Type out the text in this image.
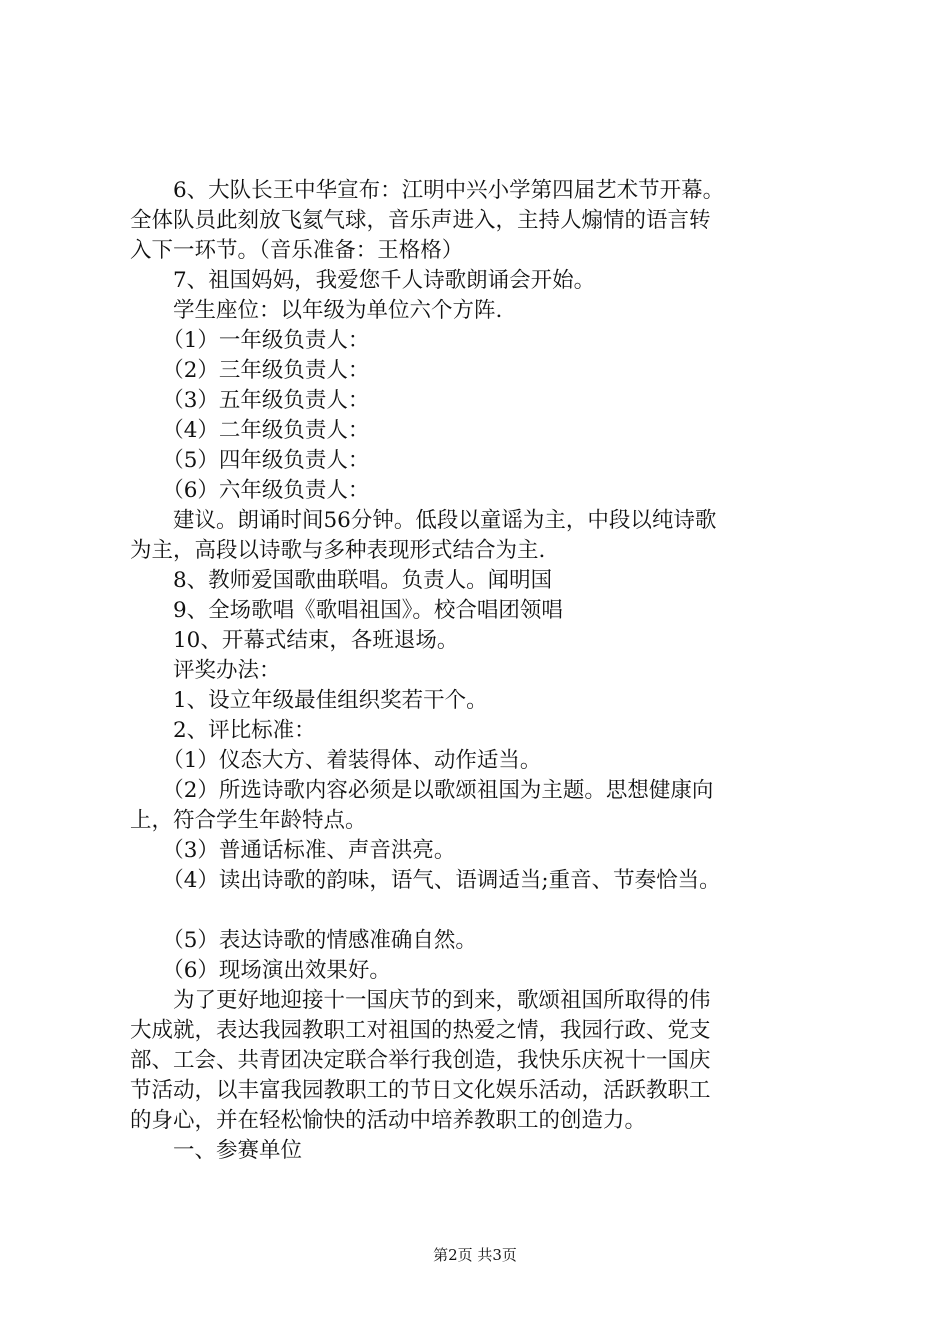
　　6、大队长王中华宣布：江明中兴小学第四届艺术节开幕。
全体队员此刻放飞氦气球，音乐声进入，主持人煽情的语言转
入下一环节。（音乐准备：王格格）
　　7、祖国妈妈，我爱您千人诗歌朗诵会开始。
　　学生座位：以年级为单位六个方阵.
　　（1）一年级负责人：
　　（2）三年级负责人：
　　（3）五年级负责人：
　　（4）二年级负责人：
　　（5）四年级负责人：
　　（6）六年级负责人：
　　建议。朗诵时间56分钟。低段以童谣为主，中段以纯诗歌
为主，高段以诗歌与多种表现形式结合为主.
　　8、教师爱国歌曲联唱。负责人。闻明国
　　9、全场歌唱《歌唱祖国》。校合唱团领唱
　　10、开幕式结束，各班退场。
　　评奖办法：
　　1、设立年级最佳组织奖若干个。
　　2、评比标准：
　　（1）仪态大方、着装得体、动作适当。
　　（2）所选诗歌内容必须是以歌颂祖国为主题。思想健康向
上，符合学生年龄特点。
　　（3）普通话标准、声音洪亮。
　　（4）读出诗歌的韵味，语气、语调适当;重音、节奏恰当。
　　（5）表达诗歌的情感准确自然。
　　（6）现场演出效果好。
　　为了更好地迎接十一国庆节的到来，歌颂祖国所取得的伟
大成就，表达我园教职工对祖国的热爱之情，我园行政、党支
部、工会、共青团决定联合举行我创造，我快乐庆祝十一国庆
节活动，以丰富我园教职工的节日文化娱乐活动，活跃教职工
的身心，并在轻松愉快的活动中培养教职工的创造力。
　　一、参赛单位
第2页 共3页
